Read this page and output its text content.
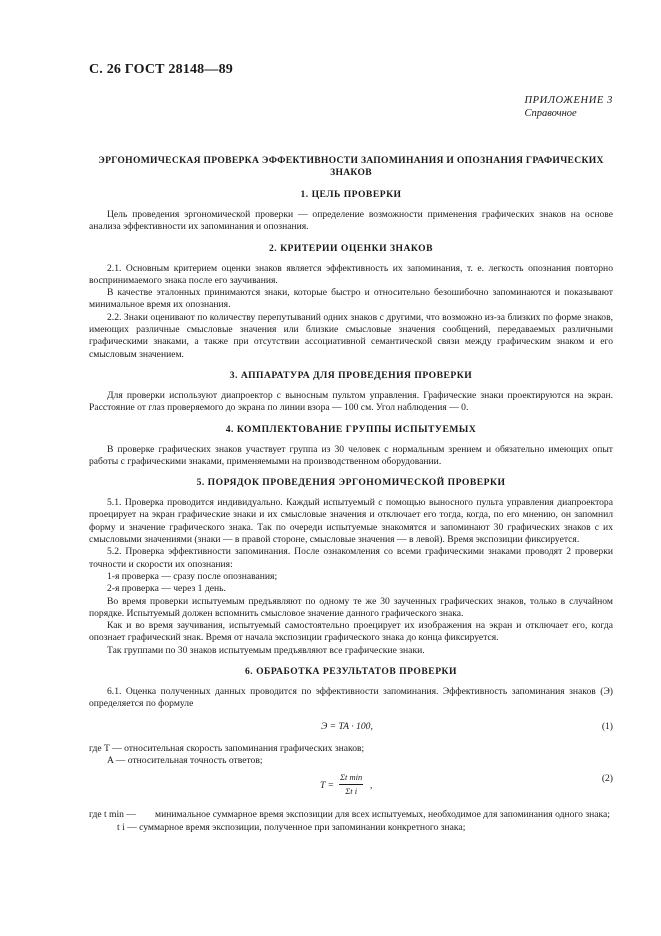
С. 26 ГОСТ 28148—89
ПРИЛОЖЕНИЕ 3
Справочное
ЭРГОНОМИЧЕСКАЯ ПРОВЕРКА ЭФФЕКТИВНОСТИ ЗАПОМИНАНИЯ И ОПОЗНАНИЯ ГРАФИЧЕСКИХ ЗНАКОВ
1. ЦЕЛЬ ПРОВЕРКИ

Цель проведения эргономической проверки — определение возможности применения графических знаков на основе анализа эффективности их запоминания и опознания.

2. КРИТЕРИИ ОЦЕНКИ ЗНАКОВ

2.1. Основным критерием оценки знаков является эффективность их запоминания, т. е. легкость опознания повторно воспринимаемого знака после его заучивания.

В качестве эталонных принимаются знаки, которые быстро и относительно безошибочно запоминаются и показывают минимальное время их опознания.

2.2. Знаки оценивают по количеству перепутываний одних знаков с другими, что возможно из-за близких по форме знаков, имеющих различные смысловые значения или близкие смысловые значения сообщений, передаваемых различными графическими знаками, а также при отсутствии ассоциативной семантической связи между графическим знаком и его смысловым значением.

3. АППАРАТУРА ДЛЯ ПРОВЕДЕНИЯ ПРОВЕРКИ

Для проверки используют диапроектор с выносным пультом управления. Графические знаки проектируются на экран. Расстояние от глаз проверяемого до экрана по линии взора — 100 см. Угол наблюдения — 0.

4. КОМПЛЕКТОВАНИЕ ГРУППЫ ИСПЫТУЕМЫХ

В проверке графических знаков участвует группа из 30 человек с нормальным зрением и обязательно имеющих опыт работы с графическими знаками, применяемыми на производственном оборудовании.

5. ПОРЯДОК ПРОВЕДЕНИЯ ЭРГОНОМИЧЕСКОЙ ПРОВЕРКИ

5.1. Проверка проводится индивидуально. Каждый испытуемый с помощью выносного пульта управления диапроектора проецирует на экран графические знаки и их смысловые значения и отключает его тогда, когда, по его мнению, он запомнил форму и значение графического знака. Так по очереди испытуемые знакомятся и запоминают 30 графических знаков с их смысловыми значениями (знаки — в правой стороне, смысловые значения — в левой). Время экспозиции фиксируется.

5.2. Проверка эффективности запоминания. После ознакомления со всеми графическими знаками проводят 2 проверки точности и скорости их опознания:

1-я проверка — сразу после опознавания;

2-я проверка — через 1 день.

Во время проверки испытуемым предъявляют по одному те же 30 заученных графических знаков, только в случайном порядке. Испытуемый должен вспомнить смысловое значение данного графического знака.

Как и во время заучивания, испытуемый самостоятельно проецирует их изображения на экран и отключает его, когда опознает графический знак. Время от начала экспозиции графического знака до конца фиксируется.

Так группами по 30 знаков испытуемым предъявляют все графические знаки.

6. ОБРАБОТКА РЕЗУЛЬТАТОВ ПРОВЕРКИ

6.1. Оценка полученных данных проводится по эффективности запоминания. Эффективность запоминания знаков (Э) определяется по формуле

Э = TA · 100,	(1)

где T — относительная скорость запоминания графических знаков;

A — относительная точность ответов;

T =
Σt min
Σt i	,
(2)
где t min — минимальное суммарное время экспозиции для всех испытуемых, необходимое для запоминания одного знака;

t i — суммарное время экспозиции, полученное при запоминании конкретного знака;
